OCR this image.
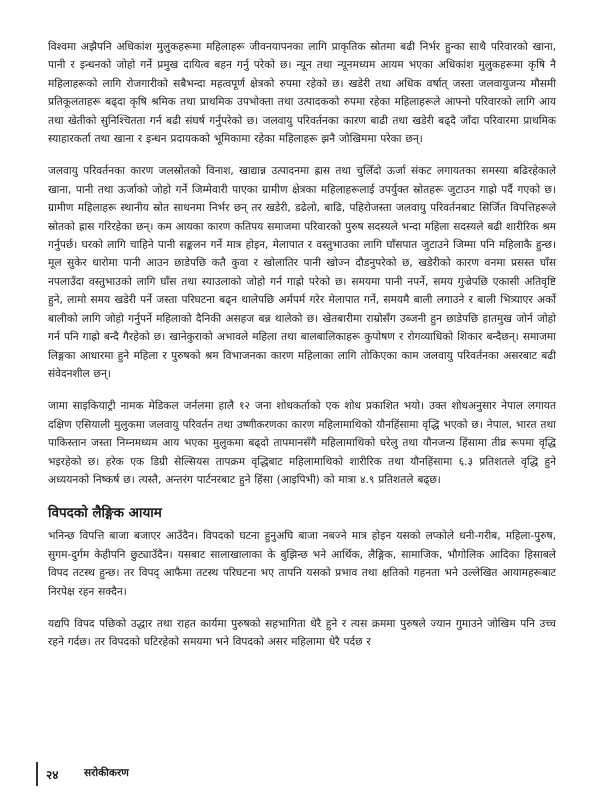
विश्वमा अझैपनि अधिकांश मुलुकहरूमा महिलाहरू जीवनयापनका लागि प्राकृतिक स्रोतमा बढी निर्भर हुन्का साथै परिवारको खाना, पानी र इन्धनको जोहो गर्ने प्रमुख दायित्व बहन गर्नु परेको छ। न्यून तथा न्यूनमध्यम आयम भएका अधिकांश मुलुकहरूमा कृषि नै महिलाहरूको लागि रोजगारीको सबैभन्दा महत्वपूर्ण क्षेत्रको रुपमा रहेको छ। खडेरी तथा अधिक वर्षात् जस्ता जलवायुजन्य मौसमी प्रतिकूलताहरू बढ्दा कृषि श्रमिक तथा प्राथमिक उपभोक्ता तथा उत्पादकको रुपमा रहेका महिलाहरूले आफ्नो परिवारको लागि आय तथा खेतीको सुनिश्चितता गर्न बढी संघर्ष गर्नुपरेको छ। जलवायु परिवर्तनका कारण बाढी तथा खडेरी बढ्दै जाँदा परिवारमा प्राथमिक स्याहारकर्ता तथा खाना र इन्धन प्रदायकको भूमिकामा रहेका महिलाहरू झनै जोखिममा परेका छन्।

जलवायु परिवर्तनका कारण जलस्रोतको विनाश, खाद्यान्न उत्पादनमा ह्रास तथा चुलिँदो ऊर्जा संकट लगायतका समस्या बढिरहेकाले खाना, पानी तथा ऊर्जाको जोहो गर्ने जिम्मेवारी पाएका ग्रामीण क्षेत्रका महिलाहरूलाई उपर्युक्त स्रोतहरू जुटाउन गाह्रो पर्दै गएको छ। ग्रामीण महिलाहरू स्थानीय स्रोत साधनमा निर्भर छन् तर खडेरी, डढेलो, बाढि, पहिरोजस्ता जलवायु परिवर्तनबाट सिर्जित विपत्तिहरूले स्रोतको ह्रास गरिरहेका छन्। कम आयका कारण कतिपय समाजमा परिवारको पुरुष सदस्यले भन्दा महिला सदस्यले बढी शारीरिक श्रम गर्नुपर्छ। घरको लागि चाहिने पानी सङ्कलन गर्ने मात्र होइन, मेलापात र वस्तुभाउका लागि घाँसपात जुटाउने जिम्मा पनि महिलाकै हुन्छ। मूल सुकेर धारोमा पानी आउन छाडेपछि कतै कुवा र खोलातिर पानी खोज्न दौडनुपरेको छ, खडेरीको कारण वनमा प्रसस्त घाँस नपलाउँदा वस्तुभाउको लागि घाँस तथा स्याउलाको जोहो गर्न गाह्रो परेको छ। समयमा पानी नपर्ने, समय गुज्रेपछि एकासी अतिवृष्टि हुने, लामो समय खडेरी पर्ने जस्ता परिघटना बढ्न थालेपछि अर्मपर्म गरेर मेलापात गर्ने, समयमै बाली लगाउने र बाली भित्र्याएर अर्को बालीको लागि जोहो गर्नुपर्ने महिलाको दैनिकी असहज बन्न थालेको छ। खेतबारीमा राम्रोसँग उब्जनी हुन छाडेपछि हातमुख जोर्न जोहो गर्न पनि गाह्रो बन्दै गैरहेको छ। खानेकुराको अभावले महिला तथा बालबालिकाहरू कुपोषण र रोगव्याधिको शिकार बन्दैछन्। समाजमा लिङ्गका आधारमा हुने महिला र पुरुषको श्रम विभाजनका कारण महिलाका लागि तोकिएका काम जलवायु परिवर्तनका असरबाट बढी संवेदनशील छन्।

जामा साइकियाट्री नामक मेडिकल जर्नलमा हालै १२ जना शोधकर्ताको एक शोध प्रकाशित भयो। उक्त शोधअनुसार नेपाल लगायत दक्षिण एसियाली मुलुकमा जलवायु परिवर्तन तथा उष्णीकरणका कारण महिलामाथिको यौनहिंसामा वृद्धि भएको छ। नेपाल, भारत तथा पाकिस्तान जस्ता निम्नमध्यम आय भएका मुलुकमा बढ्दो तापमानसँगै महिलामाथिको घरेलु तथा यौनजन्य हिंसामा तीव्र रूपमा वृद्धि भइरहेको छ। हरेक एक डिग्री सेल्सियस तापक्रम वृद्धिबाट महिलामाथिको शारीरिक तथा यौनहिंसामा ६.३ प्रतिशतले वृद्धि हुने अध्ययनको निष्कर्ष छ। त्यस्तै, अन्तरंग पार्टनरबाट हुने हिंसा (आइपिभी) को मात्रा ४.९ प्रतिशतले बढ्छ।

विपदको लैङ्गिक आयाम

भनिन्छ विपत्ति बाजा बजाएर आउँदैन। विपदको घटना हुनुअघि बाजा नबज्ने मात्र होइन यसको लप्कोले धनी-गरीब, महिला-पुरुष, सुगम-दुर्गम केहीपनि छुट्याउँदैन। यसबाट सालाखालाका के बुझिन्छ भने आर्थिक, लैङ्गिक, सामाजिक, भौगोलिक आदिका हिसाबले विपद तटस्थ हुन्छ। तर विपद् आफैमा तटस्थ परिघटना भए तापनि यसको प्रभाव तथा क्षतिको गहनता भने उल्लेखित आयामहरूबाट निरपेक्ष रहन सक्दैन।

यद्यपि विपद पछिको उद्धार तथा राहत कार्यमा पुरुषको सहभागिता धेरै हुने र त्यस क्रममा पुरुषले ज्यान गुमाउने जोखिम पनि उच्च रहने गर्दछ। तर विपदको घटिरहेको समयमा भने विपदको असर महिलामा धेरै पर्दछ र

२४ सरोकीकरण
